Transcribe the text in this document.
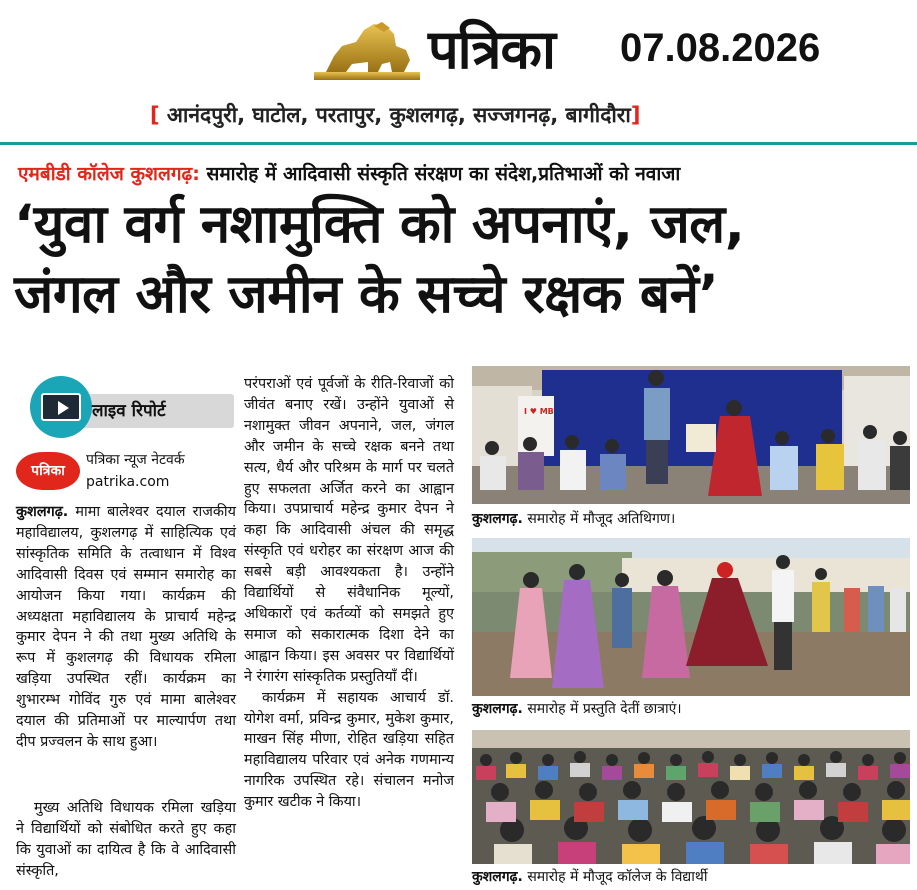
पत्रिका 07.08.2026
[ आनंदपुरी, घाटोल, परतापुर, कुशलगढ़, सज्जगनढ़, बागीदौरा]
एमबीडी कॉलेज कुशलगढ़: समारोह में आदिवासी संस्कृति संरक्षण का संदेश,प्रतिभाओं को नवाजा
‘युवा वर्ग नशामुक्ति को अपनाएं, जल,
जंगल और जमीन के सच्चे रक्षक बनें’
लाइव रिपोर्ट
पत्रिका
पत्रिका न्यूज नेटवर्क
patrika.com
कुशलगढ़. मामा बालेश्वर दयाल राजकीय महाविद्यालय, कुशलगढ़ में साहित्यिक एवं सांस्कृतिक समिति के तत्वाधान में विश्व आदिवासी दिवस एवं सम्मान समारोह का आयोजन किया गया। कार्यक्रम की अध्यक्षता महाविद्यालय के प्राचार्य महेन्द्र कुमार देपन ने की तथा मुख्य अतिथि के रूप में कुशलगढ़ की विधायक रमिला खड़िया उपस्थित रहीं। कार्यक्रम का शुभारम्भ गोविंद गुरु एवं मामा बालेश्वर दयाल की प्रतिमाओं पर माल्यार्पण तथा दीप प्रज्वलन के साथ हुआ।
मुख्य अतिथि विधायक रमिला खड़िया ने विद्यार्थियों को संबोधित करते हुए कहा कि युवाओं का दायित्व है कि वे आदिवासी संस्कृति,
परंपराओं एवं पूर्वजों के रीति-रिवाजों को जीवंत बनाए रखें। उन्होंने युवाओं से नशामुक्त जीवन अपनाने, जल, जंगल और जमीन के सच्चे रक्षक बनने तथा सत्य, धैर्य और परिश्रम के मार्ग पर चलते हुए सफलता अर्जित करने का आह्वान किया। उपप्राचार्य महेन्द्र कुमार देपन ने कहा कि आदिवासी अंचल की समृद्ध संस्कृति एवं धरोहर का संरक्षण आज की सबसे बड़ी आवश्यकता है। उन्होंने विद्यार्थियों से संवैधानिक मूल्यों, अधिकारों एवं कर्तव्यों को समझते हुए समाज को सकारात्मक दिशा देने का आह्वान किया। इस अवसर पर विद्यार्थियों ने रंगारंग सांस्कृतिक प्रस्तुतियाँ दीं।
कार्यक्रम में सहायक आचार्य डॉ. योगेश वर्मा, प्रविन्द्र कुमार, मुकेश कुमार, माखन सिंह मीणा, रोहित खड़िया सहित महाविद्यालय परिवार एवं अनेक गणमान्य नागरिक उपस्थित रहे। संचालन मनोज कुमार खटीक ने किया।
I ♥ MB
कुशलगढ़. समारोह में मौजूद अतिथिगण।
कुशलगढ़. समारोह में प्रस्तुति देतीं छात्राएं।
कुशलगढ़. समारोह में मौजूद कॉलेज के विद्यार्थी
